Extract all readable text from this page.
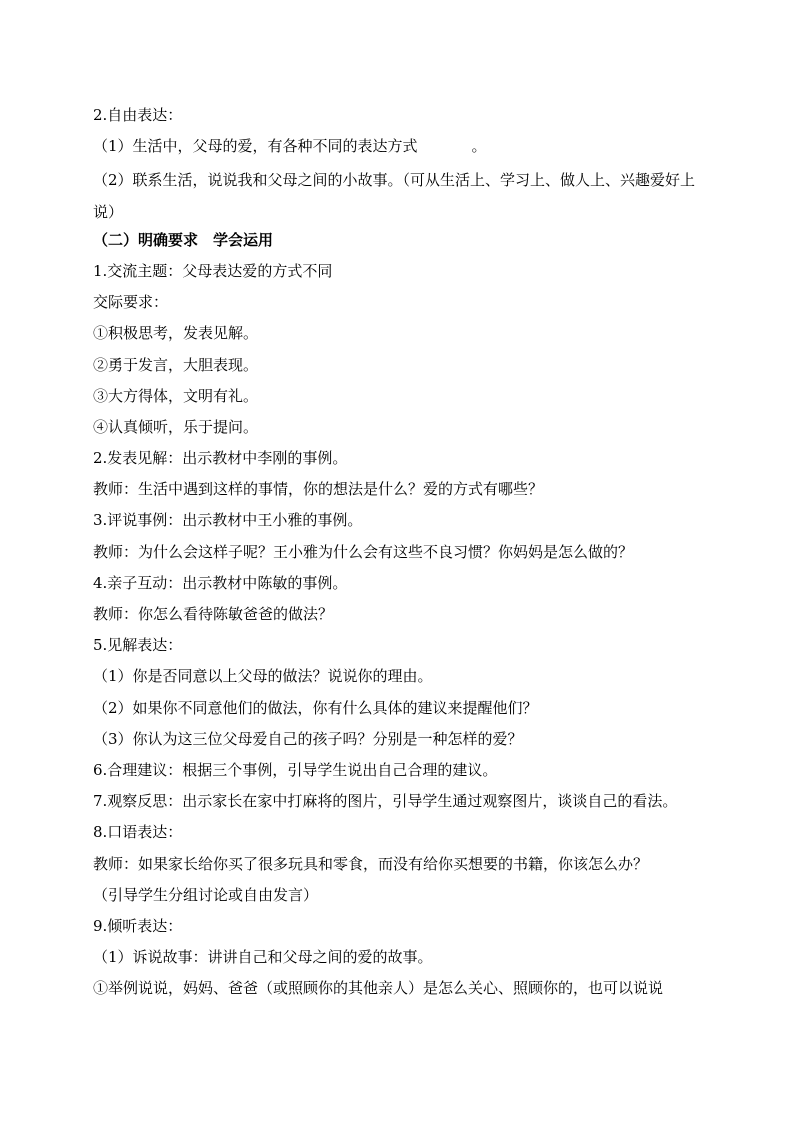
2.自由表达：
（1）生活中，父母的爱，有各种不同的表达方式	。
（2）联系生活，说说我和父母之间的小故事。（可从生活上、学习上、做人上、兴趣爱好上说）
（二）明确要求　学会运用
1.交流主题：父母表达爱的方式不同
交际要求：
①积极思考，发表见解。
②勇于发言，大胆表现。
③大方得体，文明有礼。
④认真倾听，乐于提问。
2.发表见解：出示教材中李刚的事例。
教师：生活中遇到这样的事情，你的想法是什么？爱的方式有哪些？
3.评说事例：出示教材中王小雅的事例。
教师：为什么会这样子呢？王小雅为什么会有这些不良习惯？你妈妈是怎么做的？
4.亲子互动：出示教材中陈敏的事例。
教师：你怎么看待陈敏爸爸的做法？
5.见解表达：
（1）你是否同意以上父母的做法？说说你的理由。
（2）如果你不同意他们的做法，你有什么具体的建议来提醒他们？
（3）你认为这三位父母爱自己的孩子吗？分别是一种怎样的爱？
6.合理建议：根据三个事例，引导学生说出自己合理的建议。
7.观察反思：出示家长在家中打麻将的图片，引导学生通过观察图片，谈谈自己的看法。
8.口语表达：
教师：如果家长给你买了很多玩具和零食，而没有给你买想要的书籍，你该怎么办？
（引导学生分组讨论或自由发言）
9.倾听表达：
（1）诉说故事：讲讲自己和父母之间的爱的故事。
①举例说说，妈妈、爸爸（或照顾你的其他亲人）是怎么关心、照顾你的，也可以说说
